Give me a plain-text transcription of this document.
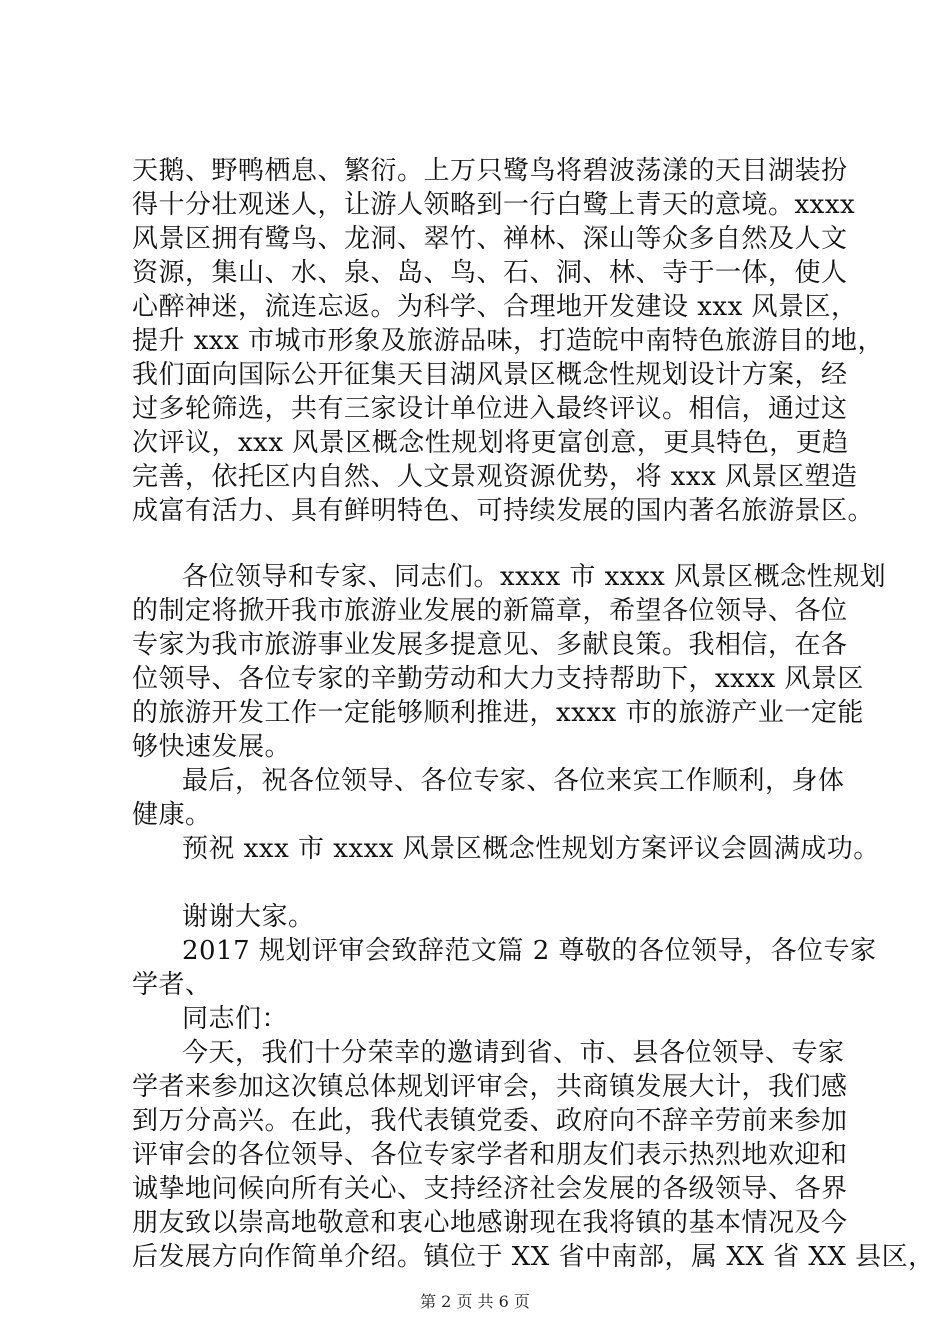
天鹅、野鸭栖息、繁衍。上万只鹭鸟将碧波荡漾的天目湖装扮
得十分壮观迷人，让游人领略到一行白鹭上青天的意境。xxxx
风景区拥有鹭鸟、龙洞、翠竹、禅林、深山等众多自然及人文
资源，集山、水、泉、岛、鸟、石、洞、林、寺于一体，使人
心醉神迷，流连忘返。为科学、合理地开发建设 xxx 风景区，
提升 xxx 市城市形象及旅游品味，打造皖中南特色旅游目的地，
我们面向国际公开征集天目湖风景区概念性规划设计方案，经
过多轮筛选，共有三家设计单位进入最终评议。相信，通过这
次评议，xxx 风景区概念性规划将更富创意，更具特色，更趋
完善，依托区内自然、人文景观资源优势，将 xxx 风景区塑造
成富有活力、具有鲜明特色、可持续发展的国内著名旅游景区。
各位领导和专家、同志们。xxxx 市 xxxx 风景区概念性规划
的制定将掀开我市旅游业发展的新篇章，希望各位领导、各位
专家为我市旅游事业发展多提意见、多献良策。我相信，在各
位领导、各位专家的辛勤劳动和大力支持帮助下，xxxx 风景区
的旅游开发工作一定能够顺利推进，xxxx 市的旅游产业一定能
够快速发展。
最后，祝各位领导、各位专家、各位来宾工作顺利，身体
健康。
预祝 xxx 市 xxxx 风景区概念性规划方案评议会圆满成功。
谢谢大家。
2017 规划评审会致辞范文篇 2 尊敬的各位领导，各位专家
学者、
同志们：
今天，我们十分荣幸的邀请到省、市、县各位领导、专家
学者来参加这次镇总体规划评审会，共商镇发展大计，我们感
到万分高兴。在此，我代表镇党委、政府向不辞辛劳前来参加
评审会的各位领导、各位专家学者和朋友们表示热烈地欢迎和
诚挚地问候向所有关心、支持经济社会发展的各级领导、各界
朋友致以崇高地敬意和衷心地感谢现在我将镇的基本情况及今
后发展方向作简单介绍。镇位于 XX 省中南部，属 XX 省 XX 县区，
第 2 页 共 6 页
